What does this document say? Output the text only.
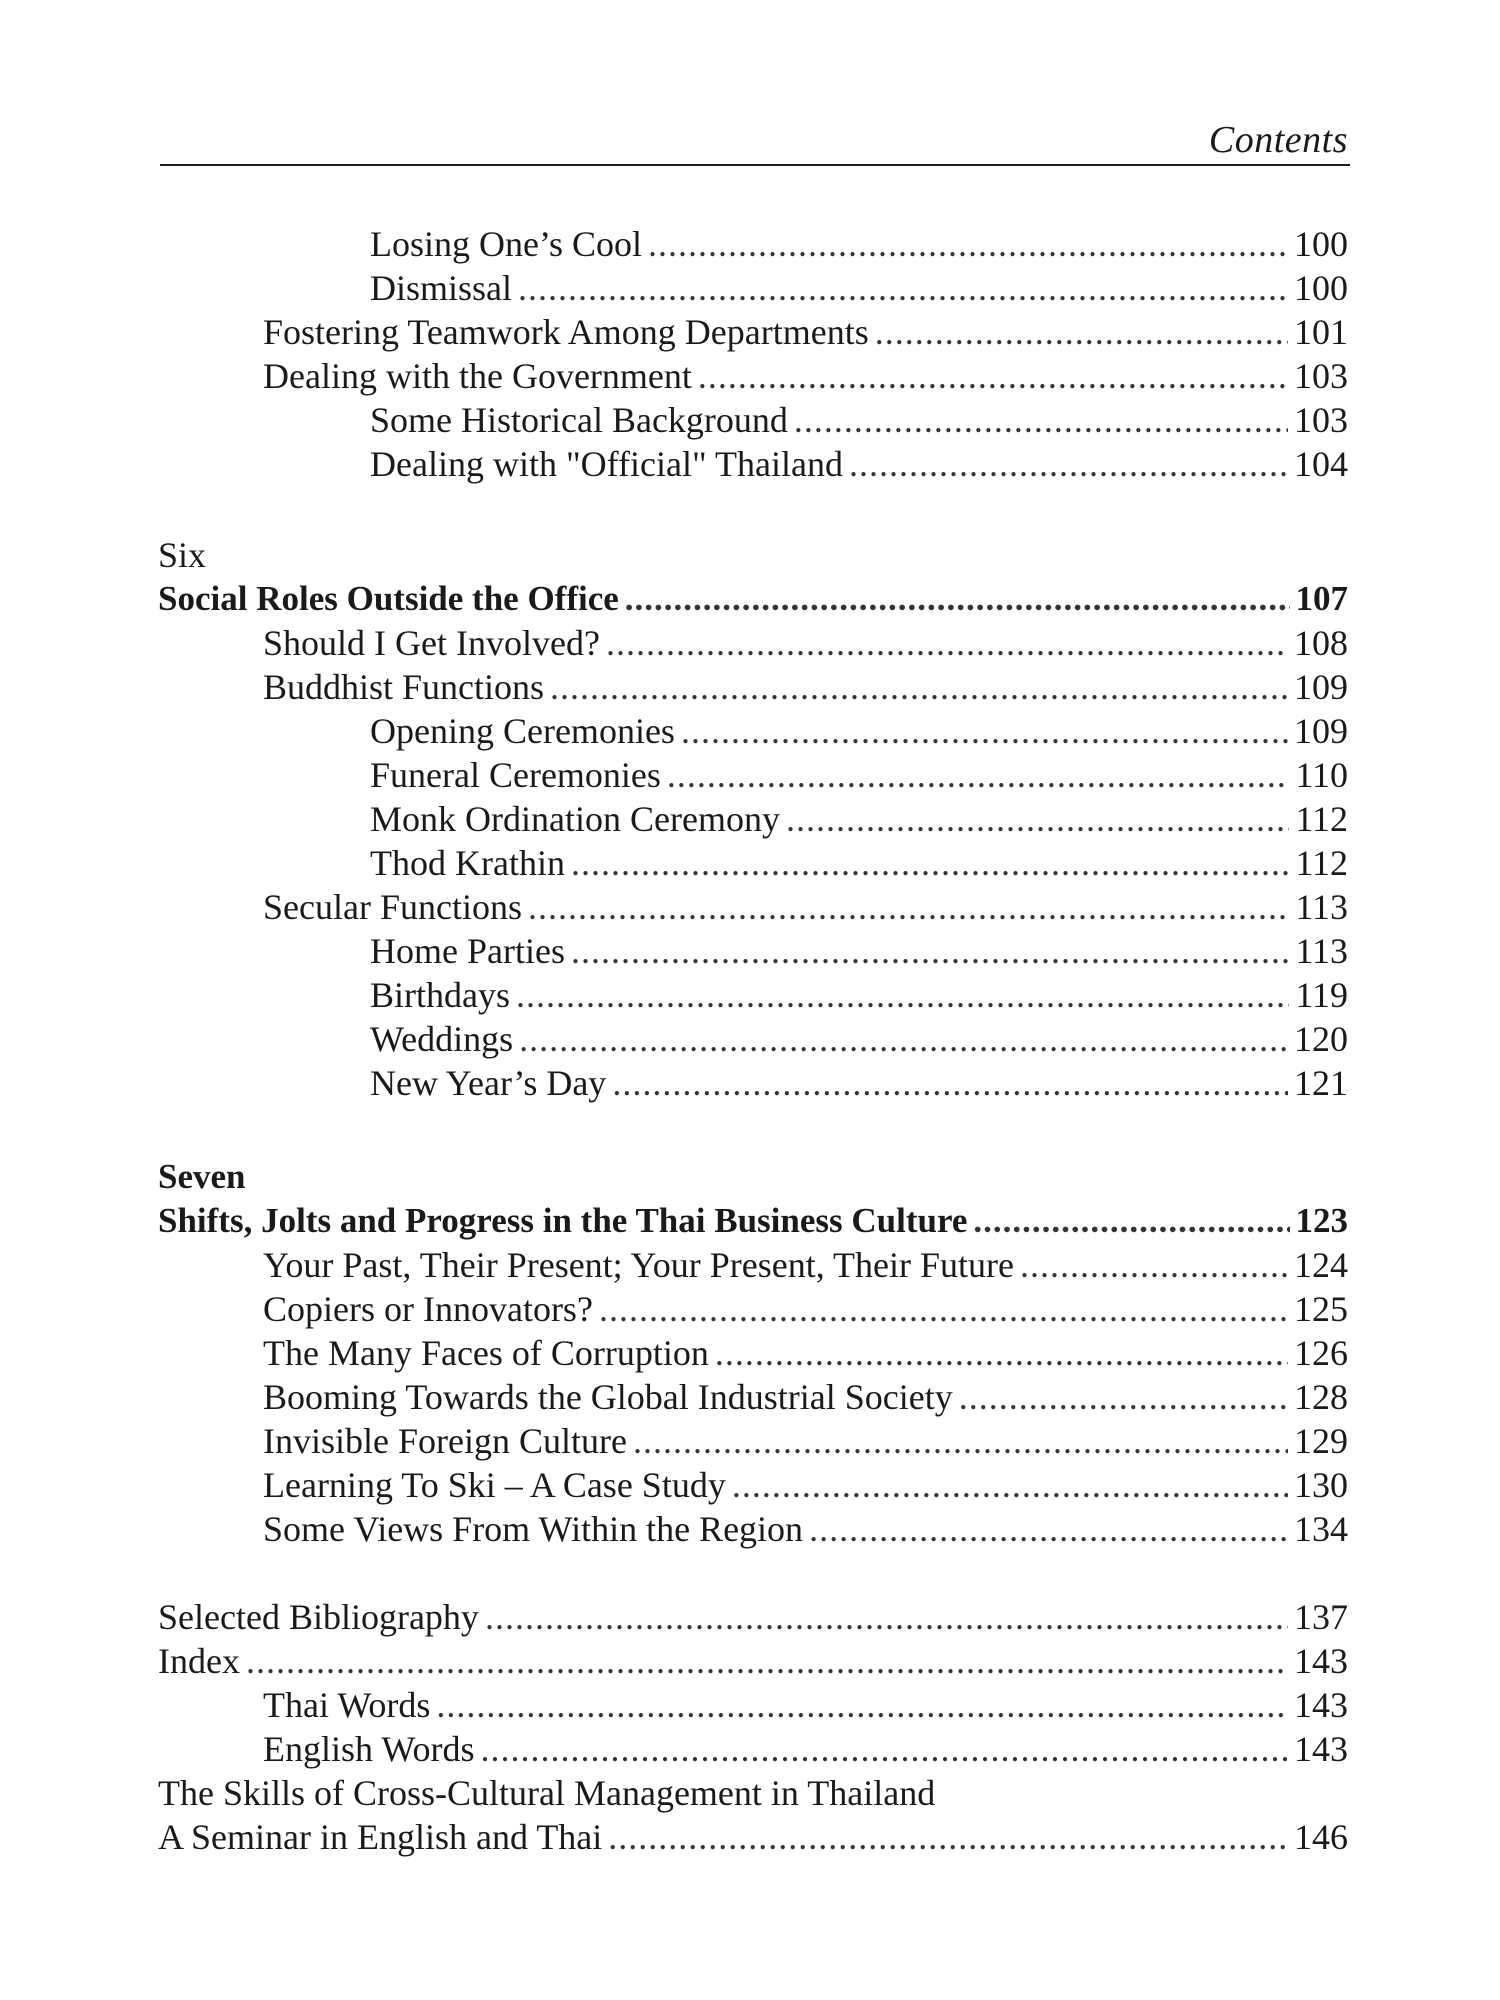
Contents
Losing One’s Cool .....	100
Dismissal .....	100
Fostering Teamwork Among Departments .....	101
Dealing with the Government .....	103
Some Historical Background .....	103
Dealing with "Official" Thailand .....	104
Six
Social Roles Outside the Office .....	107
Should I Get Involved? .....	108
Buddhist Functions .....	109
Opening Ceremonies .....	109
Funeral Ceremonies .....	110
Monk Ordination Ceremony .....	112
Thod Krathin .....	112
Secular Functions .....	113
Home Parties .....	113
Birthdays .....	119
Weddings .....	120
New Year’s Day .....	121
Seven
Shifts, Jolts and Progress in the Thai Business Culture .....	123
Your Past, Their Present; Your Present, Their Future .....	124
Copiers or Innovators? .....	125
The Many Faces of Corruption .....	126
Booming Towards the Global Industrial Society .....	128
Invisible Foreign Culture .....	129
Learning To Ski – A Case Study .....	130
Some Views From Within the Region .....	134
Selected Bibliography .....	137
Index .....	143
Thai Words .....	143
English Words .....	143
The Skills of Cross-Cultural Management in Thailand
A Seminar in English and Thai .....	146
